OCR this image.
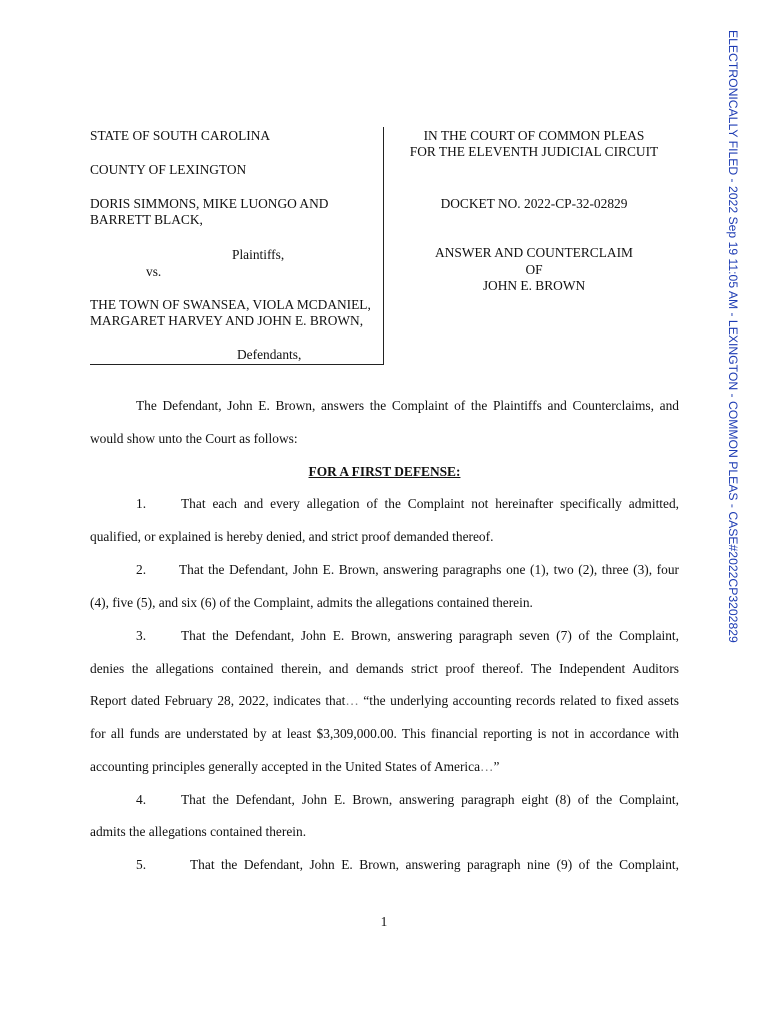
ELECTRONICALLY FILED - 2022 Sep 19 11:05 AM - LEXINGTON - COMMON PLEAS - CASE#2022CP3202829
STATE OF SOUTH CAROLINA
COUNTY OF LEXINGTON
DORIS SIMMONS, MIKE LUONGO AND
BARRETT BLACK,
Plaintiffs,
vs.
THE TOWN OF SWANSEA, VIOLA MCDANIEL,
MARGARET HARVEY AND JOHN E. BROWN,
Defendants,
IN THE COURT OF COMMON PLEAS
FOR THE ELEVENTH JUDICIAL CIRCUIT
DOCKET NO. 2022-CP-32-02829
ANSWER AND COUNTERCLAIM
OF
JOHN E. BROWN
The Defendant, John E. Brown, answers the Complaint of the Plaintiffs and Counterclaims, and
would show unto the Court as follows:
FOR A FIRST DEFENSE:
1.	That each and every allegation of the Complaint not hereinafter specifically admitted,
qualified, or explained is hereby denied, and strict proof demanded thereof.
2. That the Defendant, John E. Brown, answering paragraphs one (1), two (2), three (3), four
(4), five (5), and six (6) of the Complaint, admits the allegations contained therein.
3.	That the Defendant, John E. Brown, answering paragraph seven (7) of the Complaint,
denies the allegations contained therein, and demands strict proof thereof. The Independent Auditors
Report dated February 28, 2022, indicates that… “the underlying accounting records related to fixed assets
for all funds are understated by at least $3,309,000.00. This financial reporting is not in accordance with
accounting principles generally accepted in the United States of America…”
4.	That the Defendant, John E. Brown, answering paragraph eight (8) of the Complaint,
admits the allegations contained therein.
5.	That the Defendant, John E. Brown, answering paragraph nine (9) of the Complaint,
1
